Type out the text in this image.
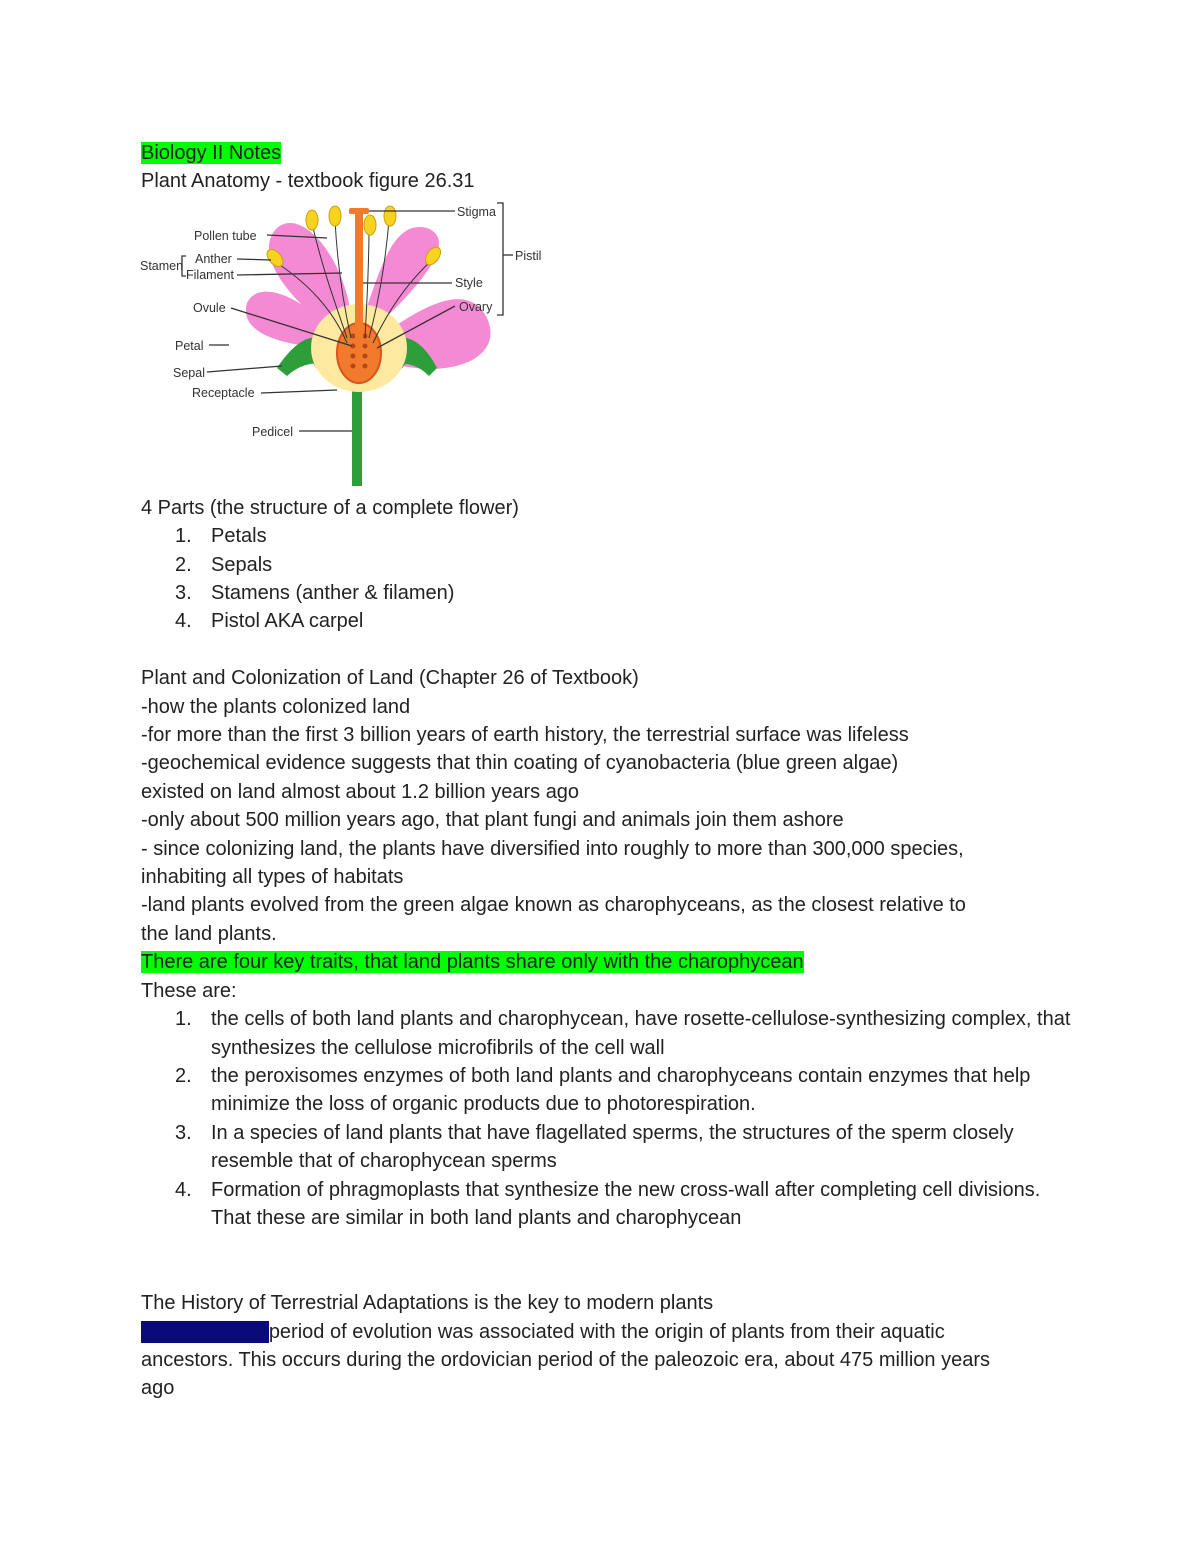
Biology II Notes
Plant Anatomy - textbook figure 26.31
Pollen tube
Stamen Anther
Filament
Ovule
Petal
Sepal
Receptacle
Pedicel
Stigma
Pistil
Style
Ovary
4 Parts (the structure of a complete flower)
1. Petals
2. Sepals
3. Stamens (anther & filamen)
4. Pistol AKA carpel
Plant and Colonization of Land (Chapter 26 of Textbook)
-how the plants colonized land
-for more than the first 3 billion years of earth history, the terrestrial surface was lifeless
-geochemical evidence suggests that thin coating of cyanobacteria (blue green algae)
existed on land almost about 1.2 billion years ago
-only about 500 million years ago, that plant fungi and animals join them ashore
- since colonizing land, the plants have diversified into roughly to more than 300,000 species,
inhabiting all types of habitats
-land plants evolved from the green algae known as charophyceans, as the closest relative to
the land plants.
There are four key traits, that land plants share only with the charophycean
These are:
1. the cells of both land plants and charophycean, have rosette-cellulose-synthesizing complex, that synthesizes the cellulose microfibrils of the cell wall
2. the peroxisomes enzymes of both land plants and charophyceans contain enzymes that help minimize the loss of organic products due to photorespiration.
3. In a species of land plants that have flagellated sperms, the structures of the sperm closely resemble that of charophycean sperms
4. Formation of phragmoplasts that synthesize the new cross-wall after completing cell divisions. That these are similar in both land plants and charophycean
The History of Terrestrial Adaptations is the key to modern plants
The first majorperiod of evolution was associated with the origin of plants from their aquatic
ancestors. This occurs during the ordovician period of the paleozoic era, about 475 million years
ago
